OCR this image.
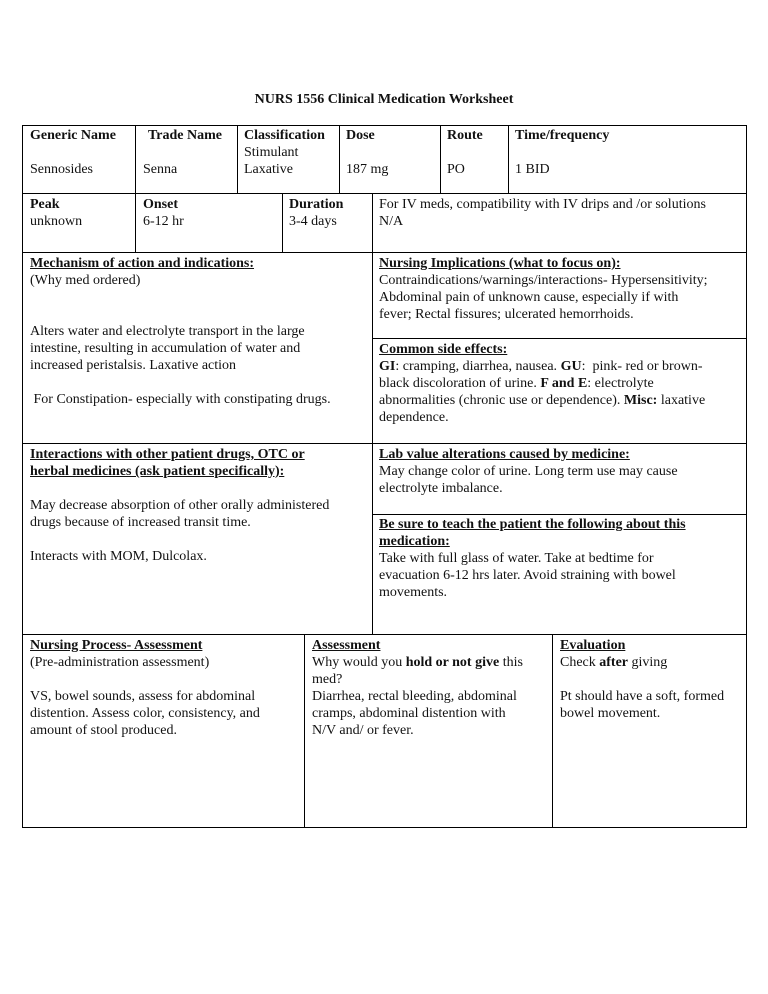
NURS 1556 Clinical Medication Worksheet
Generic Name
Sennosides
Trade Name
Senna
Classification
Stimulant
Laxative
Dose
187 mg
Route
PO
Time/frequency
1 BID
Peak
unknown
Onset
6-12 hr
Duration
3-4 days
For IV meds, compatibility with IV drips and /or solutions
N/A
Mechanism of action and indications:
(Why med ordered)
Alters water and electrolyte transport in the large
intestine, resulting in accumulation of water and
increased peristalsis. Laxative action
For Constipation- especially with constipating drugs.
Nursing Implications (what to focus on):
Contraindications/warnings/interactions- Hypersensitivity;
Abdominal pain of unknown cause, especially if with
fever; Rectal fissures; ulcerated hemorrhoids.
Common side effects:
GI: cramping, diarrhea, nausea. GU:  pink- red or brown-
black discoloration of urine. F and E: electrolyte
abnormalities (chronic use or dependence). Misc: laxative
dependence.
Interactions with other patient drugs, OTC or
herbal medicines (ask patient specifically):
May decrease absorption of other orally administered
drugs because of increased transit time.
Interacts with MOM, Dulcolax.
Lab value alterations caused by medicine:
May change color of urine. Long term use may cause
electrolyte imbalance.
Be sure to teach the patient the following about this
medication:
Take with full glass of water. Take at bedtime for
evacuation 6-12 hrs later. Avoid straining with bowel
movements.
Nursing Process- Assessment
(Pre-administration assessment)
VS, bowel sounds, assess for abdominal
distention. Assess color, consistency, and
amount of stool produced.
Assessment
Why would you hold or not give this
med?
Diarrhea, rectal bleeding, abdominal
cramps, abdominal distention with
N/V and/ or fever.
Evaluation
Check after giving
Pt should have a soft, formed
bowel movement.
